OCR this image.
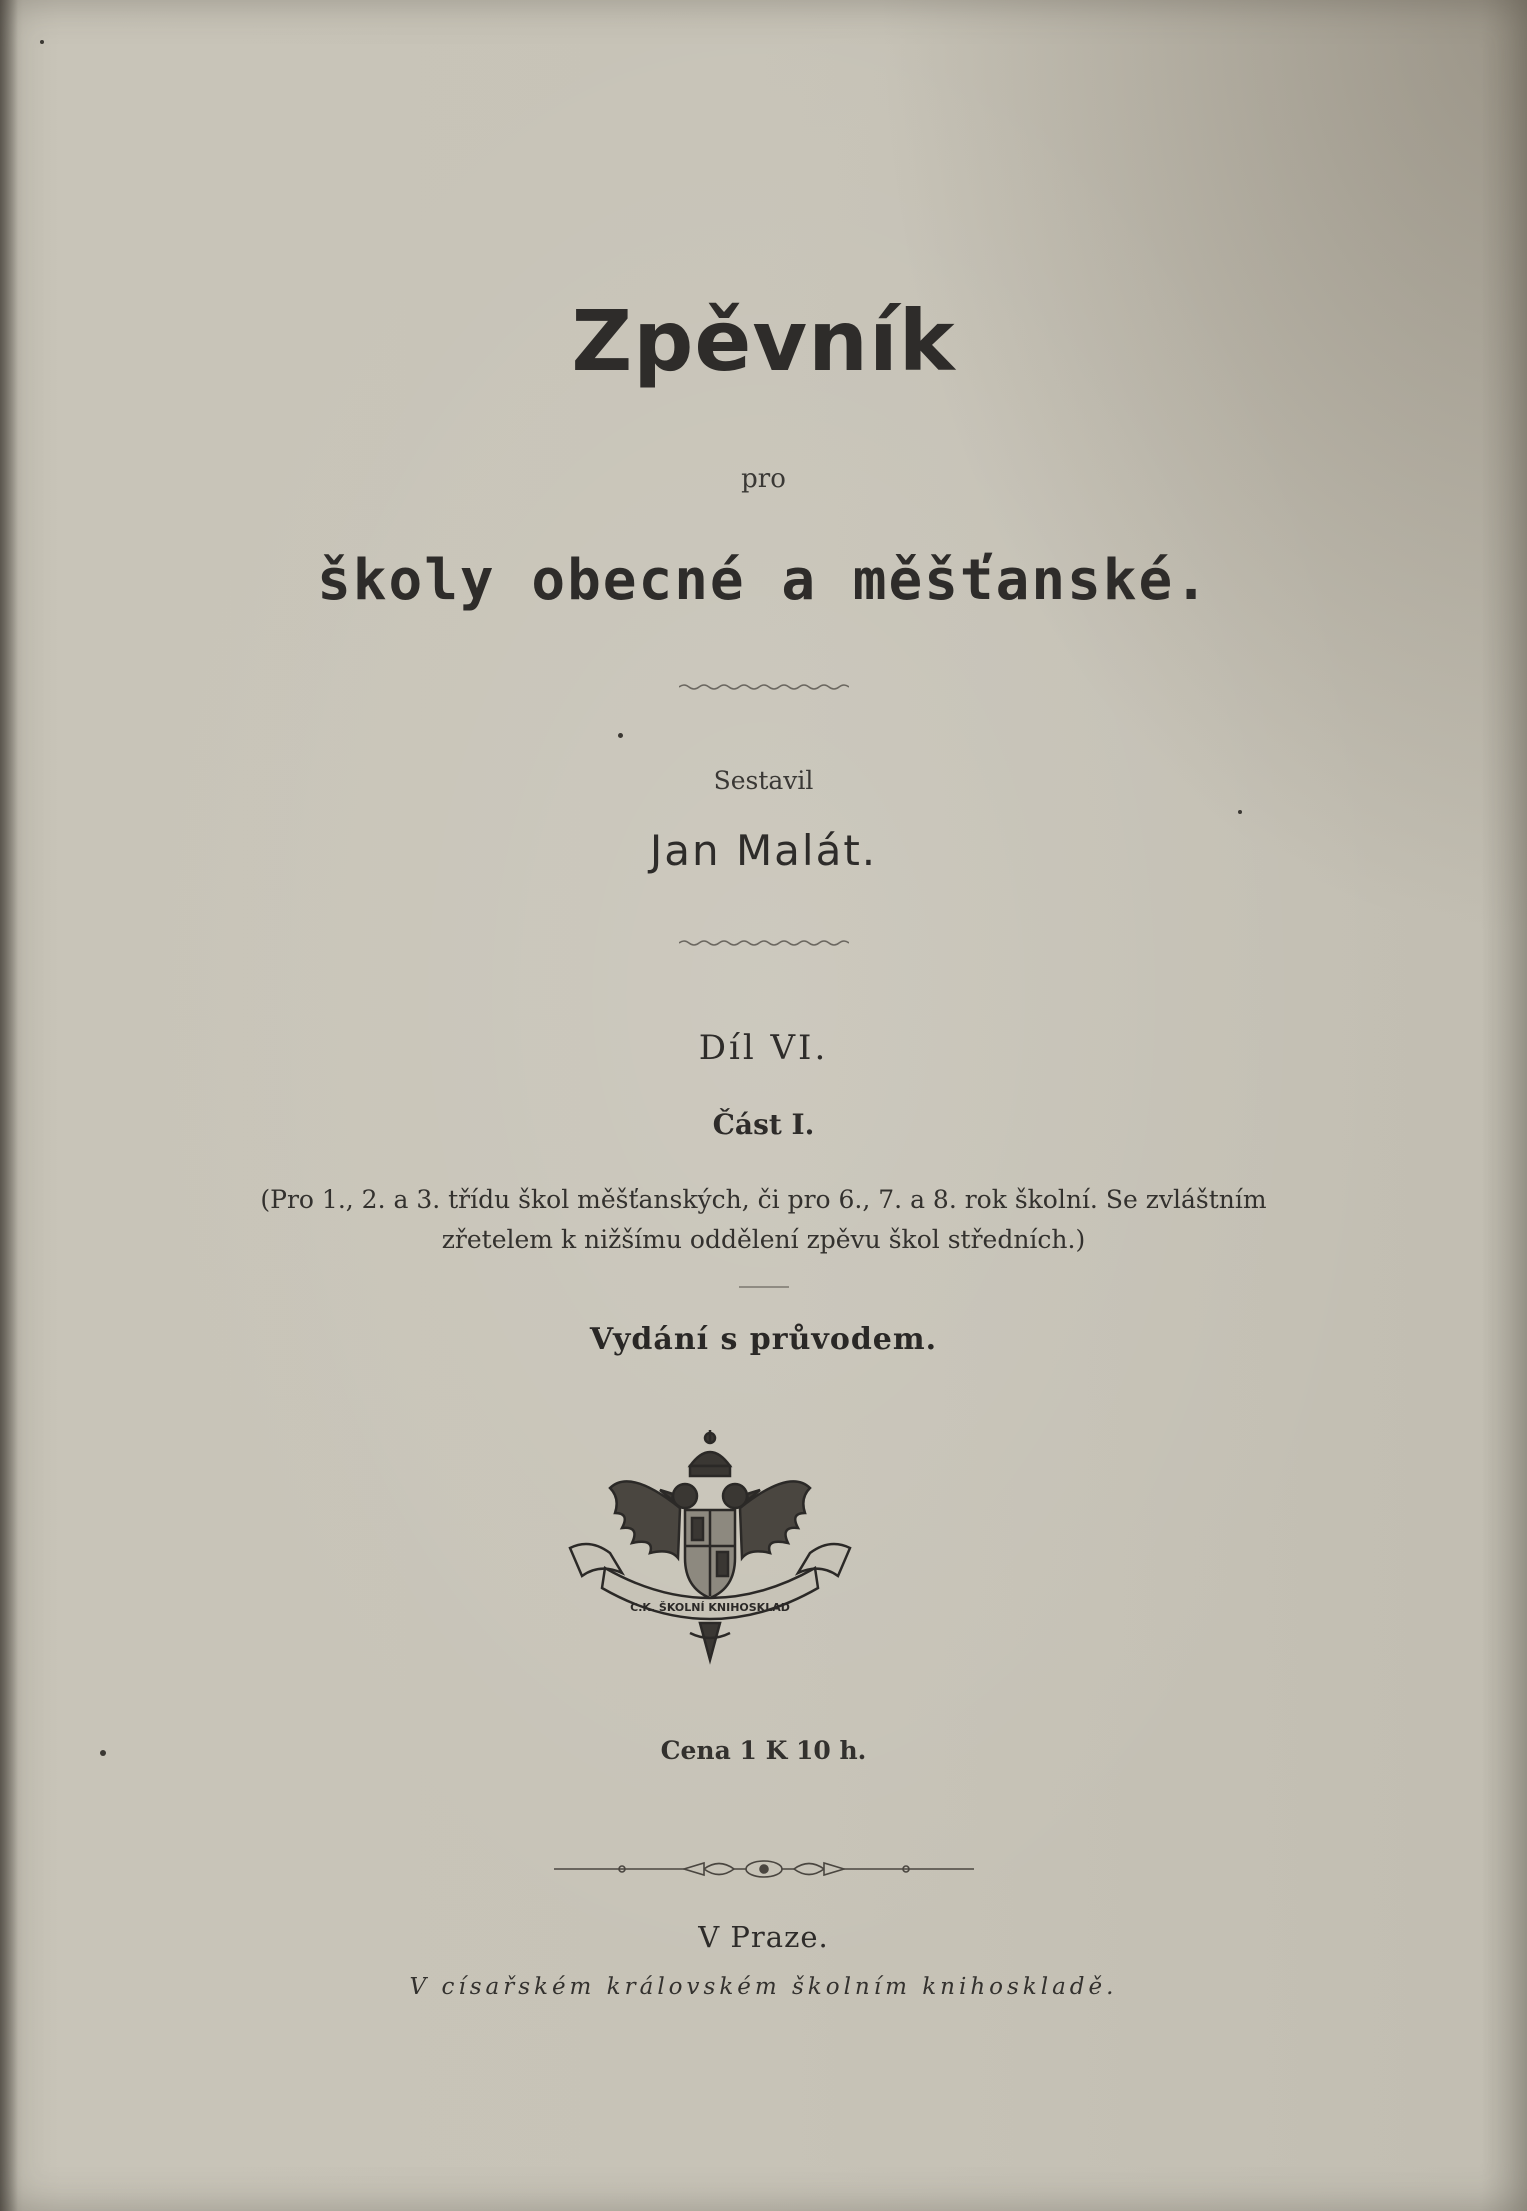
Zpěvník
pro
školy obecné a měšťanské.
Sestavil
Jan Malát.
Díl VI.
Část I.
(Pro 1., 2. a 3. třídu škol měšťanských, či pro 6., 7. a 8. rok školní. Se zvláštním
zřetelem k nižšímu oddělení zpěvu škol středních.)
Vydání s průvodem.
C.K. ŠKOLNÍ KNIHOSKLAD
Cena 1 K 10 h.
V Praze.
V císařském královském školním knihoskladě.
